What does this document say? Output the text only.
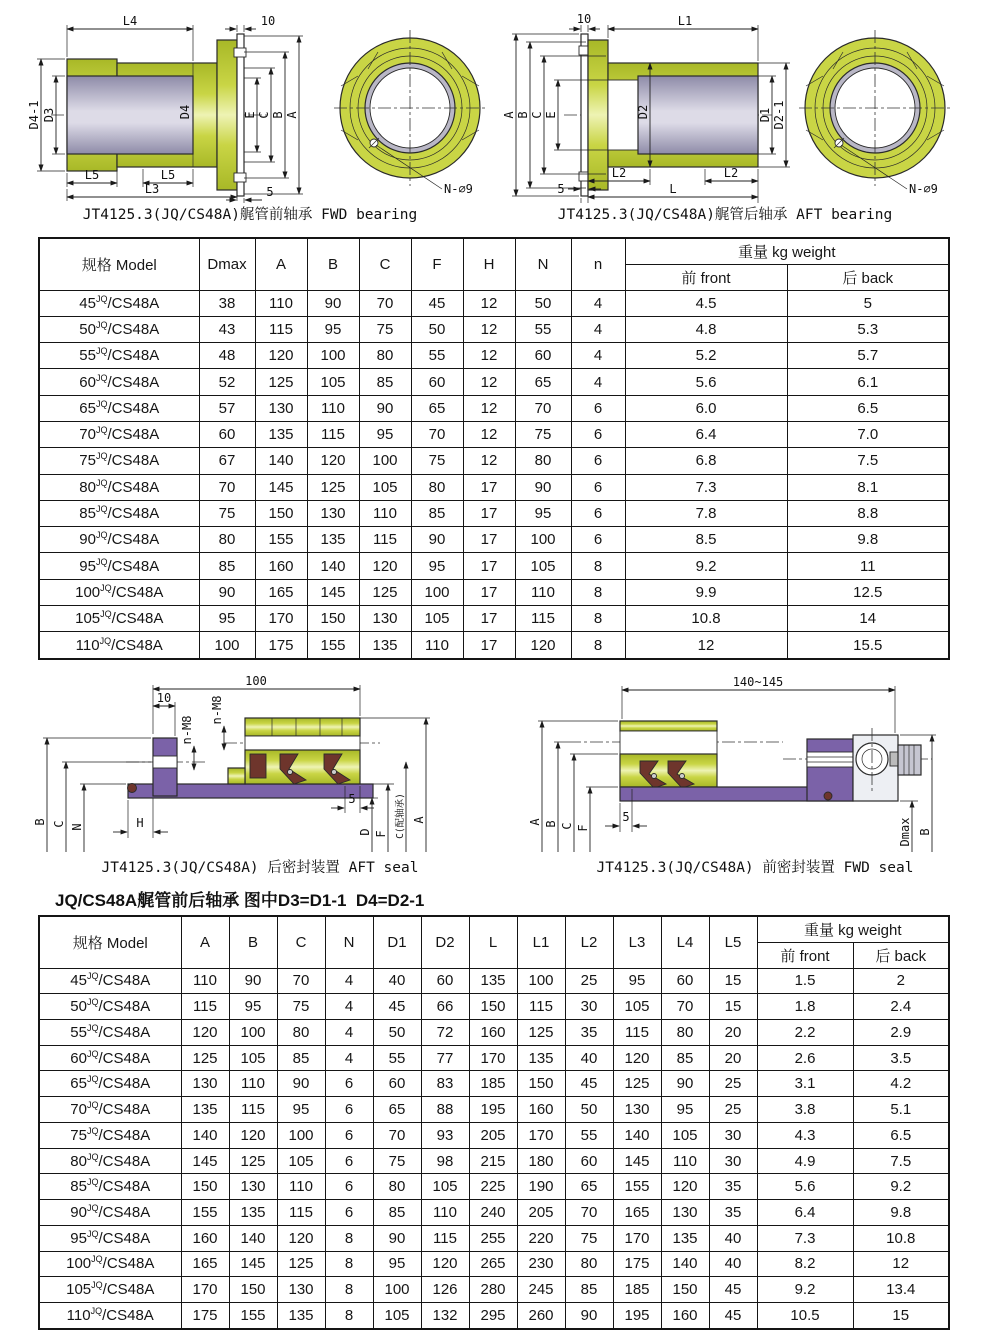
L4	10
D4-1 D3	D4	E C B A
L5	L5
L3	5	N-∅9
10	L1
A B C E	D2	D1 D2-1
5
L2	L2
L	N-∅9
JT4125.3(JQ/CS48A)艉管前轴承 FWD bearing	JT4125.3(JQ/CS48A)艉管后轴承 AFT bearing
规格 Model	Dmax	A	B	C	F	H	N	n	重量 kg weight	
									前 front	后 back
$45^{JQ}/CS48A$	38	110	90	70	45	12	50	4	4.5	5
$50^{JQ}/CS48A$	43	115	95	75	50	12	55	4	4.8	5.3
$55^{JQ}/CS48A$	48	120	100	80	55	12	60	4	5.2	5.7
$60^{JQ}/CS48A$	52	125	105	85	60	12	65	4	5.6	6.1
$65^{JQ}/CS48A$	57	130	110	90	65	12	70	6	6.0	6.5
$70^{JQ}/CS48A$	60	135	115	95	70	12	75	6	6.4	7.0
$75^{JQ}/CS48A$	67	140	120	100	75	12	80	6	6.8	7.5
$80^{JQ}/CS48A$	70	145	125	105	80	17	90	6	7.3	8.1
$85^{JQ}/CS48A$	75	150	130	110	85	17	95	6	7.8	8.8
$90^{JQ}/CS48A$	80	155	135	115	90	17	100	6	8.5	9.8
$95^{JQ}/CS48A$	85	160	140	120	95	17	105	8	9.2	11
$100^{JQ}/CS48A$	90	165	145	125	100	17	110	8	9.9	12.5
$105^{JQ}/CS48A$	95	170	150	130	105	17	115	8	10.8	14
$110^{JQ}/CS48A$	100	175	155	135	110	17	120	8	12	15.5
100
10
n-M8
n-M8
B C N	H
5
D F C(配轴承) A
140~145
A B C F
5
Dmax B
JT4125.3(JQ/CS48A) 后密封装置 AFT seal	JT4125.3(JQ/CS48A) 前密封装置 FWD seal
JQ/CS48A艉管前后轴承 图中D3=D1-1  D4=D2-1
规格 Model	A	B	C	N	D1	D2	L	L1	L2	L3	L4	L5	重量 kg weight	
													前 front	后 back
$45^{JQ}/CS48A$	110	90	70	4	40	60	135	100	25	95	60	15	1.5	2
$50^{JQ}/CS48A$	115	95	75	4	45	66	150	115	30	105	70	15	1.8	2.4
$55^{JQ}/CS48A$	120	100	80	4	50	72	160	125	35	115	80	20	2.2	2.9
$60^{JQ}/CS48A$	125	105	85	4	55	77	170	135	40	120	85	20	2.6	3.5
$65^{JQ}/CS48A$	130	110	90	6	60	83	185	150	45	125	90	25	3.1	4.2
$70^{JQ}/CS48A$	135	115	95	6	65	88	195	160	50	130	95	25	3.8	5.1
$75^{JQ}/CS48A$	140	120	100	6	70	93	205	170	55	140	105	30	4.3	6.5
$80^{JQ}/CS48A$	145	125	105	6	75	98	215	180	60	145	110	30	4.9	7.5
$85^{JQ}/CS48A$	150	130	110	6	80	105	225	190	65	155	120	35	5.6	9.2
$90^{JQ}/CS48A$	155	135	115	6	85	110	240	205	70	165	130	35	6.4	9.8
$95^{JQ}/CS48A$	160	140	120	8	90	115	255	220	75	170	135	40	7.3	10.8
$100^{JQ}/CS48A$	165	145	125	8	95	120	265	230	80	175	140	40	8.2	12
$105^{JQ}/CS48A$	170	150	130	8	100	126	280	245	85	185	150	45	9.2	13.4
$110^{JQ}/CS48A$	175	155	135	8	105	132	295	260	90	195	160	45	10.5	15
